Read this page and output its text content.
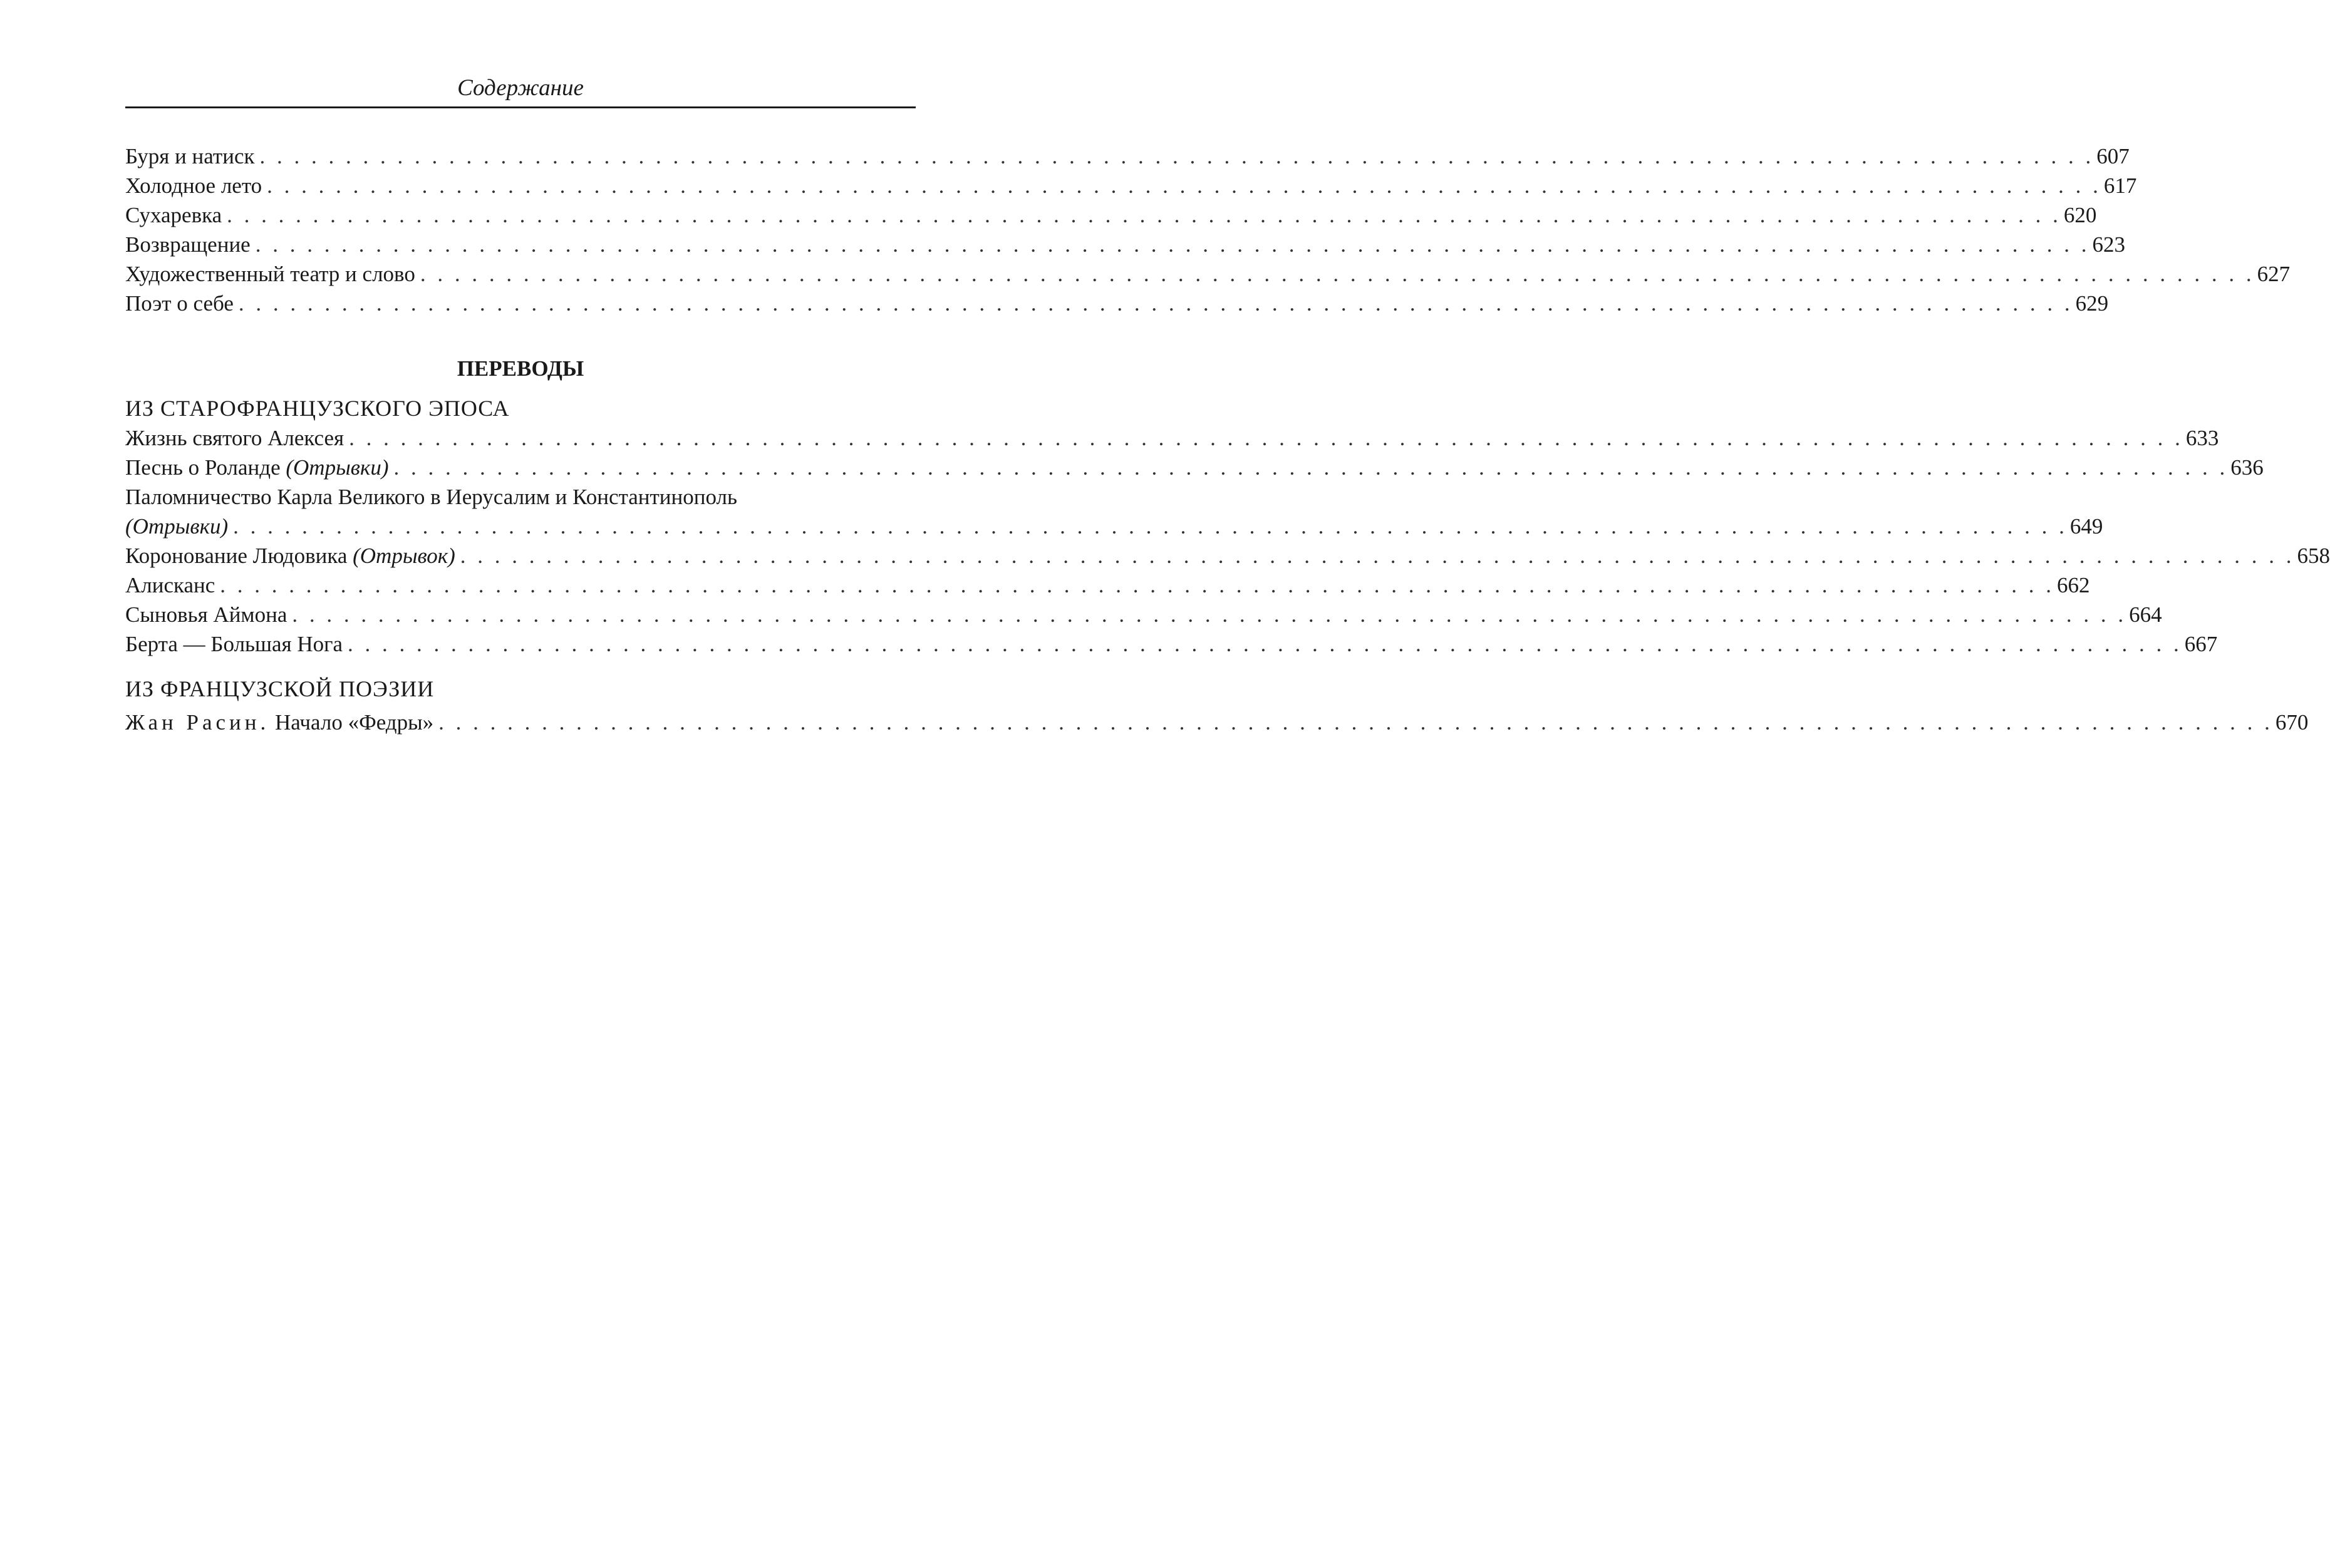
Содержание
Буря и натиск . . . . . . . . . . . . . . . . . . . . . . . . . . . . . . . . . . . . . . . . . . . . . . . . . . . . . . . . . . . . . . . . . . . . . . . . . . . . . . . . . . . . . . . . . . . . . . . . . . . . . . . . . . . 607
Холодное лето . . . . . . . . . . . . . . . . . . . . . . . . . . . . . . . . . . . . . . . . . . . . . . . . . . . . . . . . . . . . . . . . . . . . . . . . . . . . . . . . . . . . . . . . . . . . . . . . . . . . . . . . . . . 617
Сухаревка . . . . . . . . . . . . . . . . . . . . . . . . . . . . . . . . . . . . . . . . . . . . . . . . . . . . . . . . . . . . . . . . . . . . . . . . . . . . . . . . . . . . . . . . . . . . . . . . . . . . . . . . . . . 620
Возвращение . . . . . . . . . . . . . . . . . . . . . . . . . . . . . . . . . . . . . . . . . . . . . . . . . . . . . . . . . . . . . . . . . . . . . . . . . . . . . . . . . . . . . . . . . . . . . . . . . . . . . . . . . . . 623
Художественный театр и слово . . . . . . . . . . . . . . . . . . . . . . . . . . . . . . . . . . . . . . . . . . . . . . . . . . . . . . . . . . . . . . . . . . . . . . . . . . . . . . . . . . . . . . . . . . . . . . . . . . . . . . . . . . . 627
Поэт о себе . . . . . . . . . . . . . . . . . . . . . . . . . . . . . . . . . . . . . . . . . . . . . . . . . . . . . . . . . . . . . . . . . . . . . . . . . . . . . . . . . . . . . . . . . . . . . . . . . . . . . . . . . . . 629
ПЕРЕВОДЫ
ИЗ СТАРОФРАНЦУЗСКОГО ЭПОСА
Жизнь святого Алексея . . . . . . . . . . . . . . . . . . . . . . . . . . . . . . . . . . . . . . . . . . . . . . . . . . . . . . . . . . . . . . . . . . . . . . . . . . . . . . . . . . . . . . . . . . . . . . . . . . . . . . . . . . . 633
Песнь о Роланде (Отрывки) . . . . . . . . . . . . . . . . . . . . . . . . . . . . . . . . . . . . . . . . . . . . . . . . . . . . . . . . . . . . . . . . . . . . . . . . . . . . . . . . . . . . . . . . . . . . . . . . . . . . . . . . . . . 636
Паломничество Карла Великого в Иерусалим и Константинополь
(Отрывки) . . . . . . . . . . . . . . . . . . . . . . . . . . . . . . . . . . . . . . . . . . . . . . . . . . . . . . . . . . . . . . . . . . . . . . . . . . . . . . . . . . . . . . . . . . . . . . . . . . . . . . . . . . . 649
Коронование Людовика (Отрывок) . . . . . . . . . . . . . . . . . . . . . . . . . . . . . . . . . . . . . . . . . . . . . . . . . . . . . . . . . . . . . . . . . . . . . . . . . . . . . . . . . . . . . . . . . . . . . . . . . . . . . . . . . . . 658
Алисканс . . . . . . . . . . . . . . . . . . . . . . . . . . . . . . . . . . . . . . . . . . . . . . . . . . . . . . . . . . . . . . . . . . . . . . . . . . . . . . . . . . . . . . . . . . . . . . . . . . . . . . . . . . . 662
Сыновья Аймона . . . . . . . . . . . . . . . . . . . . . . . . . . . . . . . . . . . . . . . . . . . . . . . . . . . . . . . . . . . . . . . . . . . . . . . . . . . . . . . . . . . . . . . . . . . . . . . . . . . . . . . . . . . 664
Берта — Большая Нога . . . . . . . . . . . . . . . . . . . . . . . . . . . . . . . . . . . . . . . . . . . . . . . . . . . . . . . . . . . . . . . . . . . . . . . . . . . . . . . . . . . . . . . . . . . . . . . . . . . . . . . . . . . 667
ИЗ ФРАНЦУЗСКОЙ ПОЭЗИИ
Жан Расин. Начало «Федры» . . . . . . . . . . . . . . . . . . . . . . . . . . . . . . . . . . . . . . . . . . . . . . . . . . . . . . . . . . . . . . . . . . . . . . . . . . . . . . . . . . . . . . . . . . . . . . . . . . . . . . . . . . . 670
